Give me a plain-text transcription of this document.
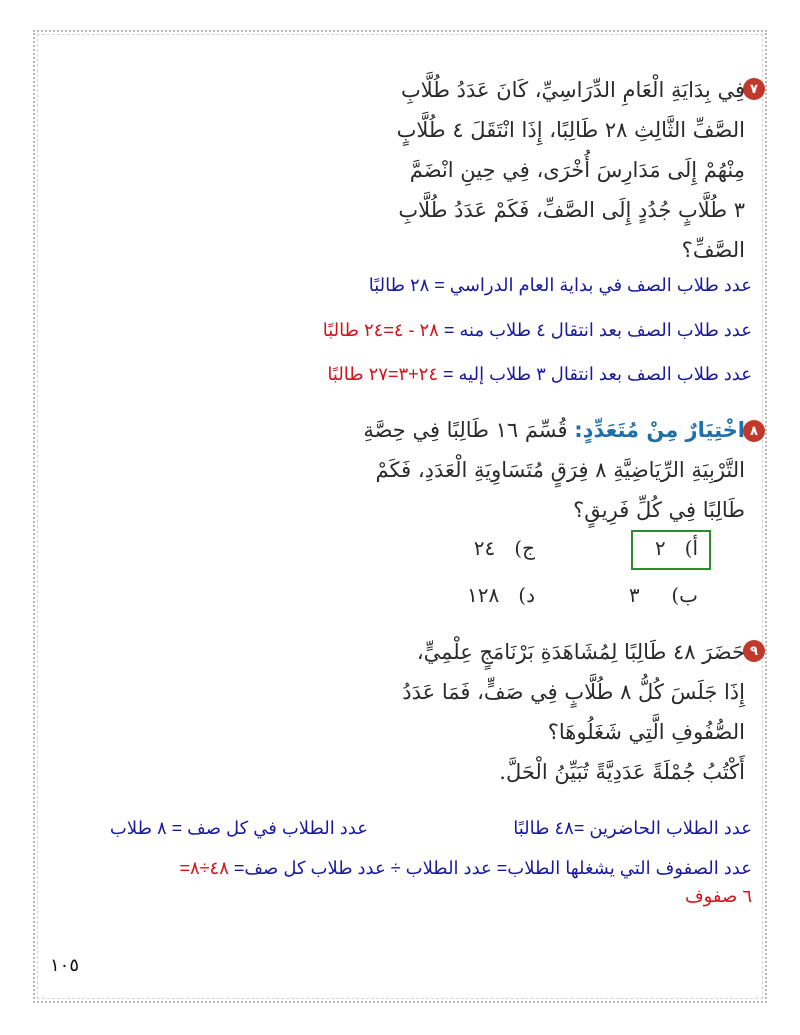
٧
فِي بِدَايَةِ الْعَامِ الدِّرَاسِيِّ، كَانَ عَدَدُ طُلَّابِ
الصَّفِّ الثَّالِثِ ٢٨ طَالِبًا، إِذَا انْتَقَلَ ٤ طُلَّابٍ
مِنْهُمْ إِلَى مَدَارِسَ أُخْرَى، فِي حِينِ انْضَمَّ
٣ طُلَّابٍ جُدُدٍ إِلَى الصَّفِّ، فَكَمْ عَدَدُ طُلَّابِ
الصَّفِّ؟
عدد طلاب الصف في بداية العام الدراسي = ٢٨ طالبًا
عدد طلاب الصف بعد انتقال ٤ طلاب منه = ٢٨ - ٤=٢٤ طالبًا
عدد طلاب الصف بعد انتقال ٣ طلاب إليه = ٢٤+٣=٢٧ طالبًا
٨
اخْتِيَارٌ مِنْ مُتَعَدِّدٍ: قُسِّمَ ١٦ طَالِبًا فِي حِصَّةِ
التَّرْبِيَةِ الرِّيَاضِيَّةِ ٨ فِرَقٍ مُتَسَاوِيَةِ الْعَدَدِ، فَكَمْ
طَالِبًا فِي كُلِّ فَرِيقٍ؟
أ)   ٢
ج)   ٢٤
ب)     ٣
د)   ١٢٨
٩
حَضَرَ ٤٨ طَالِبًا لِمُشَاهَدَةِ بَرْنَامَجٍ عِلْمِيٍّ،
إِذَا جَلَسَ كُلُّ ٨ طُلَّابٍ فِي صَفٍّ، فَمَا عَدَدُ
الصُّفُوفِ الَّتِي شَغَلُوهَا؟
أَكْتُبُ جُمْلَةً عَدَدِيَّةً تُبَيِّنُ الْحَلَّ.
عدد الطلاب الحاضرين =٤٨ طالبًا
عدد الطلاب في كل صف = ٨ طلاب
عدد الصفوف التي يشغلها الطلاب= عدد الطلاب ÷ عدد طلاب كل صف= ٤٨÷٨=
٦ صفوف
١٠٥
